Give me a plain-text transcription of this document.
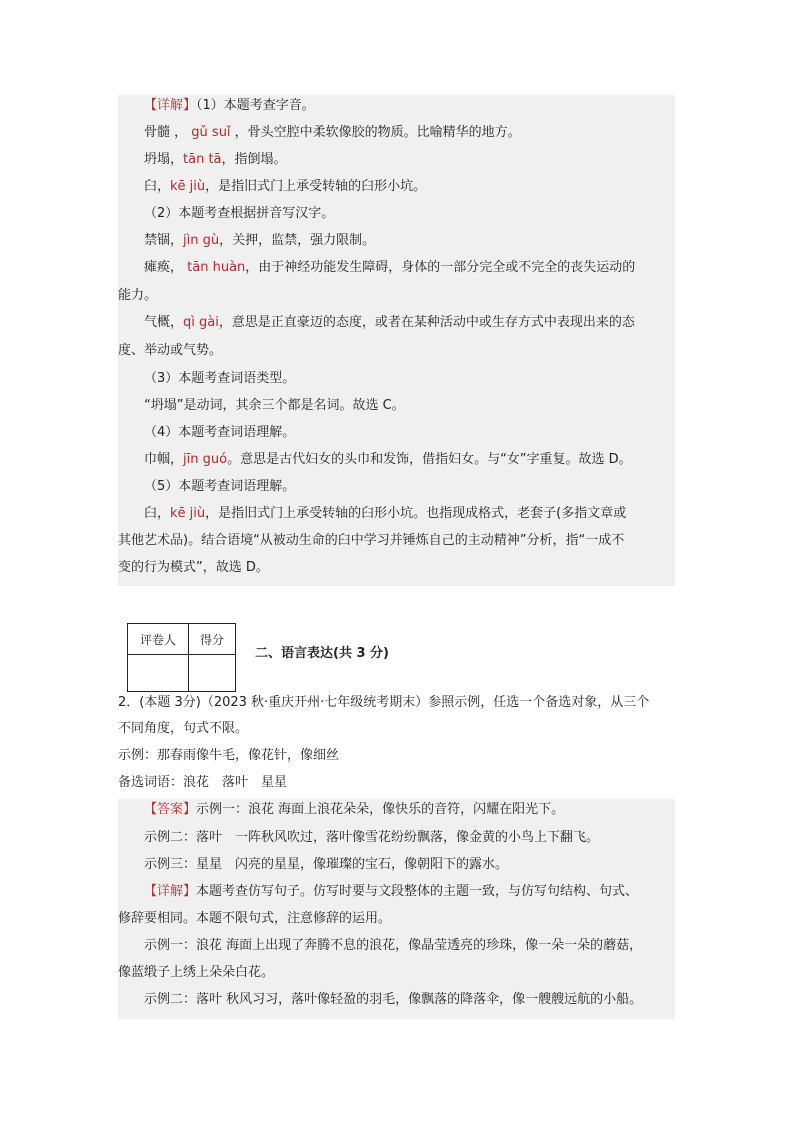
【详解】（1）本题考查字音。
骨髓 ， gǔ suǐ ，骨头空腔中柔软像胶的物质。比喻精华的地方。
坍塌，tān tā，指倒塌。
臼，kē jiù，是指旧式门上承受转轴的臼形小坑。
（2）本题考查根据拼音写汉字。
禁锢，jìn gù，关押，监禁，强力限制。
瘫痪， tān huàn，由于神经功能发生障碍，身体的一部分完全或不完全的丧失运动的
能力。
气概，qì gài，意思是正直豪迈的态度，或者在某种活动中或生存方式中表现出来的态
度、举动或气势。
（3）本题考查词语类型。
“坍塌”是动词，其余三个都是名词。故选 C。
（4）本题考查词语理解。
巾帼，jīn guó。意思是古代妇女的头巾和发饰，借指妇女。与“女”字重复。故选 D。
（5）本题考查词语理解。
臼，kē jiù，是指旧式门上承受转轴的臼形小坑。也指现成格式，老套子(多指文章或
其他艺术品)。结合语境“从被动生命的臼中学习并锤炼自己的主动精神”分析，指“一成不
变的行为模式”，故选 D。
评卷人	得分

二、语言表达(共 3 分)
2．(本题 3分)（2023 秋·重庆开州·七年级统考期末）参照示例，任选一个备选对象，从三个
不同角度，句式不限。
示例：那春雨像牛毛，像花针，像细丝
备选词语：浪花　落叶　星星
【答案】示例一：浪花 海面上浪花朵朵，像快乐的音符，闪耀在阳光下。
示例二：落叶　一阵秋风吹过，落叶像雪花纷纷飘落，像金黄的小鸟上下翻飞。
示例三：星星　闪亮的星星，像璀璨的宝石，像朝阳下的露水。
【详解】本题考查仿写句子。仿写时要与文段整体的主题一致，与仿写句结构、句式、
修辞要相同。本题不限句式，注意修辞的运用。
示例一：浪花 海面上出现了奔腾不息的浪花，像晶莹透亮的珍珠，像一朵一朵的蘑菇，
像蓝缎子上绣上朵朵白花。
示例二：落叶 秋风习习，落叶像轻盈的羽毛，像飘落的降落伞，像一艘艘远航的小船。
